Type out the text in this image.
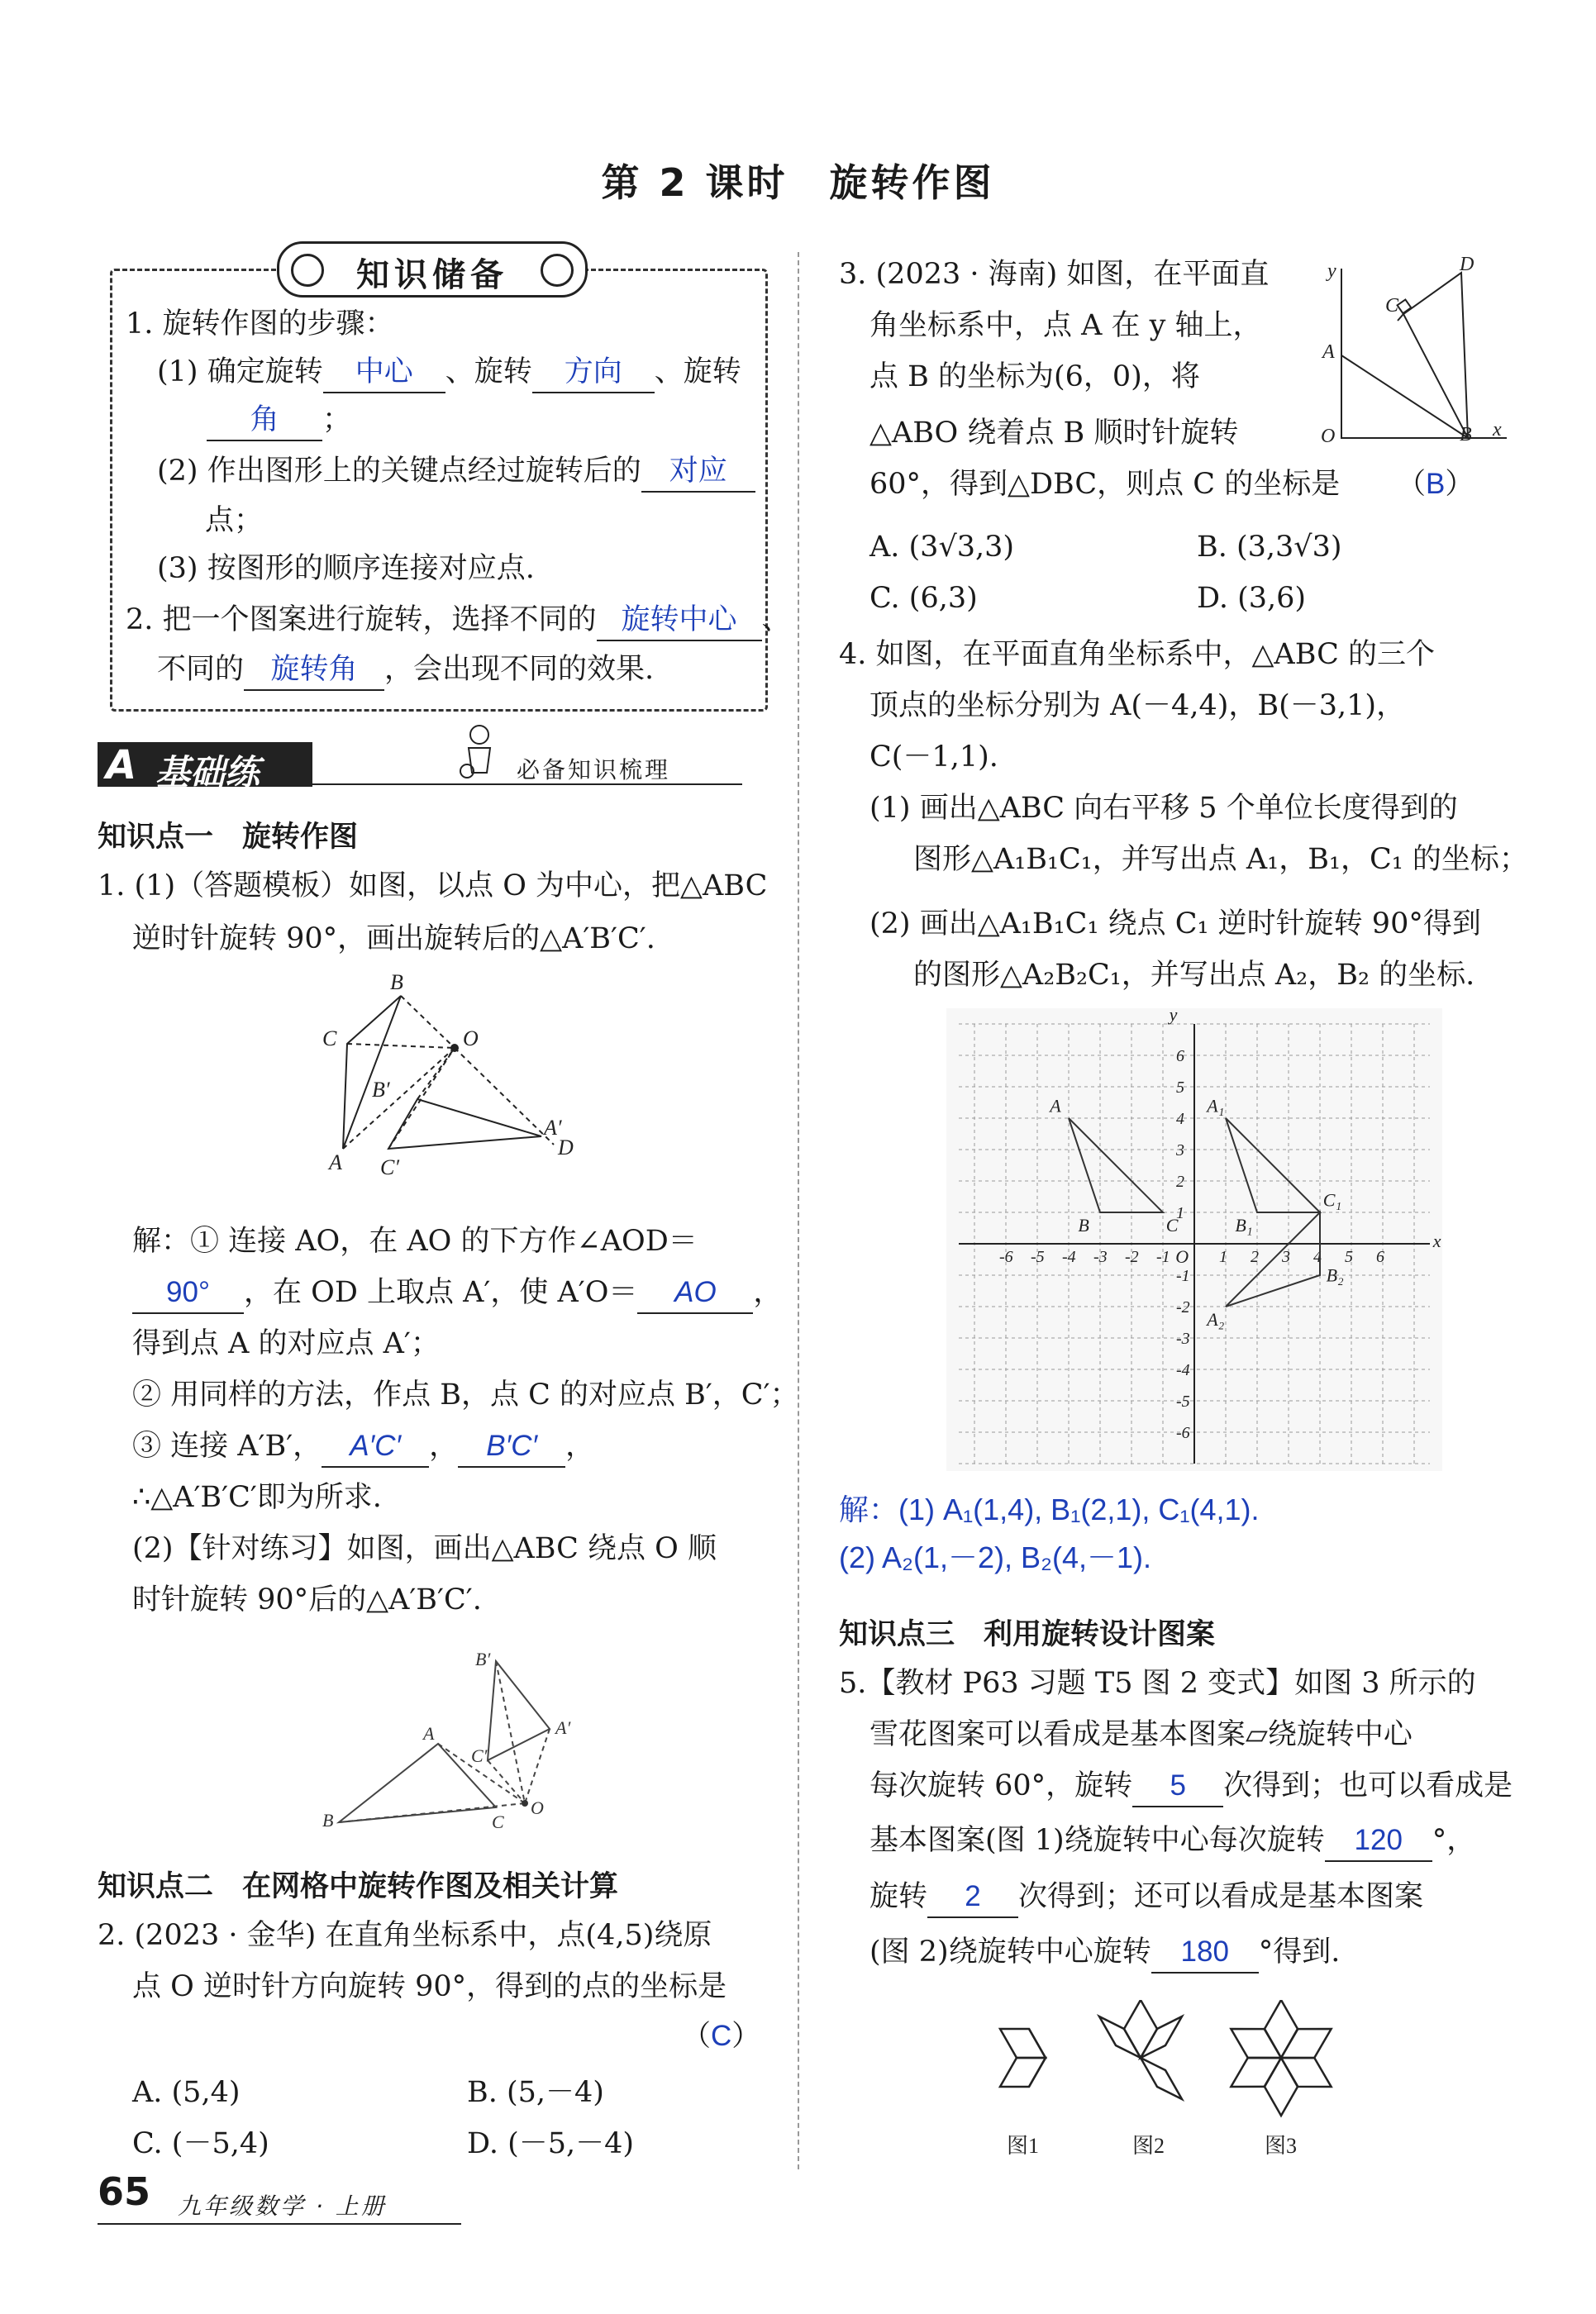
第 2 课时　旋转作图
知识储备
1. 旋转作图的步骤：
(1) 确定旋转 中心 、旋转 方向 、旋转
角 ；
(2) 作出图形上的关键点经过旋转后的 对应
点；
(3) 按图形的顺序连接对应点.
2. 把一个图案进行旋转，选择不同的 旋转中心 、
不同的 旋转角 ，会出现不同的效果.
A 基础练	必备知识梳理
知识点一　旋转作图
1. (1)（答题模板）如图，以点 O 为中心，把△ABC
逆时针旋转 90°，画出旋转后的△A′B′C′.
B
C	O
B′
A C′
A′
D
解：① 连接 AO，在 AO 的下方作∠AOD＝
90° ，在 OD 上取点 A′，使 A′O＝ AO ，
得到点 A 的对应点 A′；
② 用同样的方法，作点 B，点 C 的对应点 B′，C′；
③ 连接 A′B′， A′C′ ， B′C′ ，
∴△A′B′C′即为所求.
(2)【针对练习】如图，画出△ABC 绕点 O 顺
时针旋转 90°后的△A′B′C′.
B′
A
C′
A′
B	C
O
知识点二　在网格中旋转作图及相关计算
2. (2023 · 金华) 在直角坐标系中，点(4,5)绕原
点 O 逆时针方向旋转 90°，得到的点的坐标是
（C）
A. (5,4)	B. (5,－4)
C. (－5,4)	D. (－5,－4)
65 九年级数学 · 上册
3. (2023 · 海南) 如图，在平面直
角坐标系中，点 A 在 y 轴上，
点 B 的坐标为(6，0)，将
△ABO 绕着点 B 顺时针旋转
60°，得到△DBC，则点 C 的坐标是 （B）
y
x
O
A
B
C
D
A. (3√3,3)	B. (3,3√3)
C. (6,3)	D. (3,6)
4. 如图，在平面直角坐标系中，△ABC 的三个
顶点的坐标分别为 A(－4,4)，B(－3,1)，
C(－1,1).
(1) 画出△ABC 向右平移 5 个单位长度得到的
图形△A₁B₁C₁，并写出点 A₁，B₁，C₁ 的坐标；
(2) 画出△A₁B₁C₁ 绕点 C₁ 逆时针旋转 90°得到
的图形△A₂B₂C₁，并写出点 A₂，B₂ 的坐标.
-6 -5 -4 -3 -2 -1	1 2 3 4 5 6
6
5
4
3
2
1
-1
-2
-3
-4
-5
-6
A
B	C
A₁
B₁
C₁
A₂
B₂
x
y
O
解：(1) A₁(1,4), B₁(2,1), C₁(4,1).
(2) A₂(1,－2), B₂(4,－1).
知识点三　利用旋转设计图案
5.【教材 P63 习题 T5 图 2 变式】如图 3 所示的
雪花图案可以看成是基本图案▱绕旋转中心
每次旋转 60°，旋转 5 次得到；也可以看成是
基本图案(图 1)绕旋转中心每次旋转 120 °，
旋转 2 次得到；还可以看成是基本图案
(图 2)绕旋转中心旋转 180 °得到.
图1	图2	图3
